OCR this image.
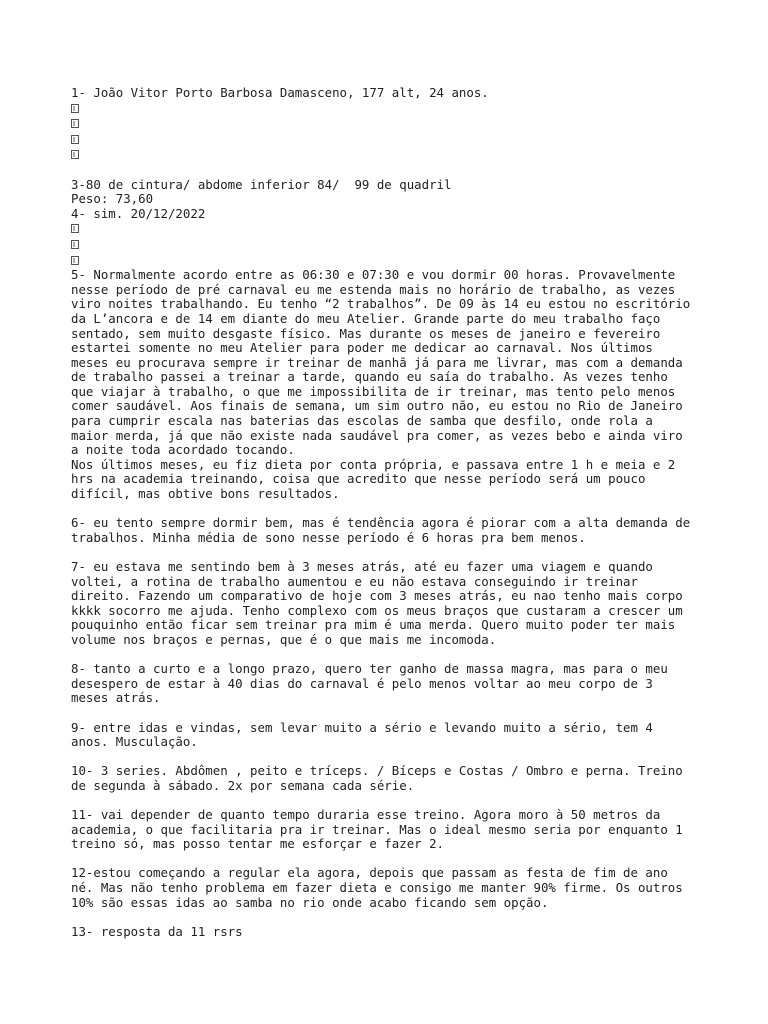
1- João Vitor Porto Barbosa Damasceno, 177 alt, 24 anos.
3-80 de cintura/ abdome inferior 84/  99 de quadril
Peso: 73,60
4- sim. 20/12/2022
5- Normalmente acordo entre as 06:30 e 07:30 e vou dormir 00 horas. Provavelmente
nesse período de pré carnaval eu me estenda mais no horário de trabalho, as vezes
viro noites trabalhando. Eu tenho “2 trabalhos”. De 09 às 14 eu estou no escritório
da L’ancora e de 14 em diante do meu Atelier. Grande parte do meu trabalho faço
sentado, sem muito desgaste físico. Mas durante os meses de janeiro e fevereiro
estartei somente no meu Atelier para poder me dedicar ao carnaval. Nos últimos
meses eu procurava sempre ir treinar de manhã já para me livrar, mas com a demanda
de trabalho passei a treinar a tarde, quando eu saía do trabalho. As vezes tenho
que viajar à trabalho, o que me impossibilita de ir treinar, mas tento pelo menos
comer saudável. Aos finais de semana, um sim outro não, eu estou no Rio de Janeiro
para cumprir escala nas baterias das escolas de samba que desfilo, onde rola a
maior merda, já que não existe nada saudável pra comer, as vezes bebo e ainda viro
a noite toda acordado tocando.
Nos últimos meses, eu fiz dieta por conta própria, e passava entre 1 h e meia e 2
hrs na academia treinando, coisa que acredito que nesse período será um pouco
difícil, mas obtive bons resultados.
6- eu tento sempre dormir bem, mas é tendência agora é piorar com a alta demanda de
trabalhos. Minha média de sono nesse período é 6 horas pra bem menos.
7- eu estava me sentindo bem à 3 meses atrás, até eu fazer uma viagem e quando
voltei, a rotina de trabalho aumentou e eu não estava conseguindo ir treinar
direito. Fazendo um comparativo de hoje com 3 meses atrás, eu nao tenho mais corpo
kkkk socorro me ajuda. Tenho complexo com os meus braços que custaram a crescer um
pouquinho então ficar sem treinar pra mim é uma merda. Quero muito poder ter mais
volume nos braços e pernas, que é o que mais me incomoda.
8- tanto a curto e a longo prazo, quero ter ganho de massa magra, mas para o meu
desespero de estar à 40 dias do carnaval é pelo menos voltar ao meu corpo de 3
meses atrás.
9- entre idas e vindas, sem levar muito a sério e levando muito a sério, tem 4
anos. Musculação.
10- 3 series. Abdômen , peito e tríceps. / Bíceps e Costas / Ombro e perna. Treino
de segunda à sábado. 2x por semana cada série.
11- vai depender de quanto tempo duraria esse treino. Agora moro à 50 metros da
academia, o que facilitaria pra ir treinar. Mas o ideal mesmo seria por enquanto 1
treino só, mas posso tentar me esforçar e fazer 2.
12-estou começando a regular ela agora, depois que passam as festa de fim de ano
né. Mas não tenho problema em fazer dieta e consigo me manter 90% firme. Os outros
10% são essas idas ao samba no rio onde acabo ficando sem opção.
13- resposta da 11 rsrs
